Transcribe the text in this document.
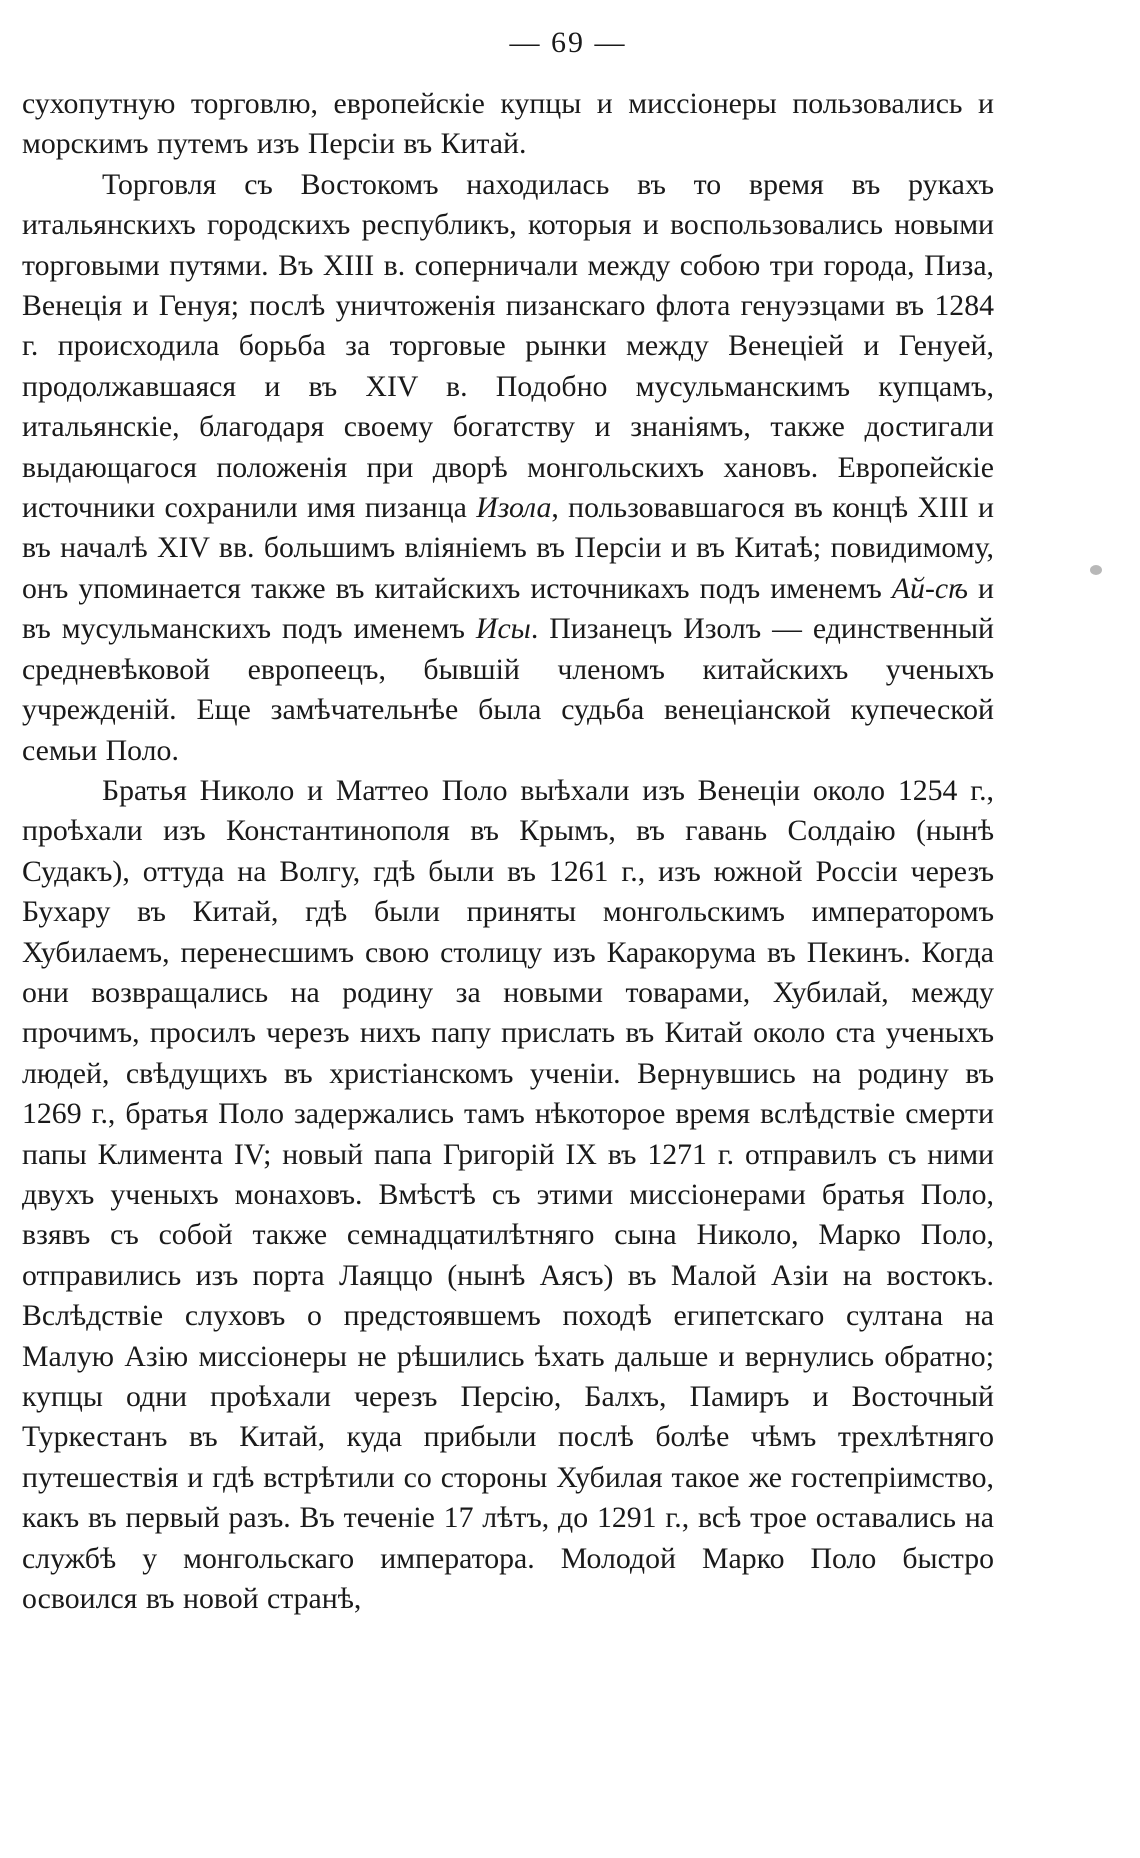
— 69 —

сухопутную торговлю, европейскіе купцы и миссіонеры пользовались и морскимъ путемъ изъ Персіи въ Китай.

Торговля съ Востокомъ находилась въ то время въ рукахъ итальянскихъ городскихъ республикъ, которыя и воспользовались новыми торговыми путями. Въ XIII в. соперничали между собою три города, Пиза, Венеція и Генуя; послѣ уничтоженія пизанскаго флота генуэзцами въ 1284 г. происходила борьба за торговые рынки между Венеціей и Генуей, продолжавшаяся и въ XIV в. Подобно мусульманскимъ купцамъ, итальянскіе, благодаря своему богатству и знаніямъ, также достигали выдающагося положенія при дворѣ монгольскихъ хановъ. Европейскіе источники сохранили имя пизанца Изола, пользовавшагося въ концѣ XIII и въ началѣ XIV вв. большимъ вліяніемъ въ Персіи и въ Китаѣ; повидимому, онъ упоминается также въ китайскихъ источникахъ подъ именемъ Ай-сѣ и въ мусульманскихъ подъ именемъ Исы. Пизанецъ Изолъ — единственный средневѣковой европеецъ, бывшій членомъ китайскихъ ученыхъ учрежденій. Еще замѣчательнѣе была судьба венеціанской купеческой семьи Поло.

Братья Николо и Маттео Поло выѣхали изъ Венеціи около 1254 г., проѣхали изъ Константинополя въ Крымъ, въ гавань Солдаію (нынѣ Судакъ), оттуда на Волгу, гдѣ были въ 1261 г., изъ южной Россіи черезъ Бухару въ Китай, гдѣ были приняты монгольскимъ императоромъ Хубилаемъ, перенесшимъ свою столицу изъ Каракорума въ Пекинъ. Когда они возвращались на родину за новыми товарами, Хубилай, между прочимъ, просилъ черезъ нихъ папу прислать въ Китай около ста ученыхъ людей, свѣдущихъ въ христіанскомъ ученіи. Вернувшись на родину въ 1269 г., братья Поло задержались тамъ нѣкоторое время вслѣдствіе смерти папы Климента IV; новый папа Григорій IX въ 1271 г. отправилъ съ ними двухъ ученыхъ монаховъ. Вмѣстѣ съ этими миссіонерами братья Поло, взявъ съ собой также семнадцатилѣтняго сына Николо, Марко Поло, отправились изъ порта Лаяццо (нынѣ Аясъ) въ Малой Азіи на востокъ. Вслѣдствіе слуховъ о предстоявшемъ походѣ египетскаго султана на Малую Азію миссіонеры не рѣшились ѣхать дальше и вернулись обратно; купцы одни проѣхали черезъ Персію, Балхъ, Памиръ и Восточный Туркестанъ въ Китай, куда прибыли послѣ болѣе чѣмъ трехлѣтняго путешествія и гдѣ встрѣтили со стороны Хубилая такое же гостепріимство, какъ въ первый разъ. Въ теченіе 17 лѣтъ, до 1291 г., всѣ трое оставались на службѣ у монгольскаго императора. Молодой Марко Поло быстро освоился въ новой странѣ,
